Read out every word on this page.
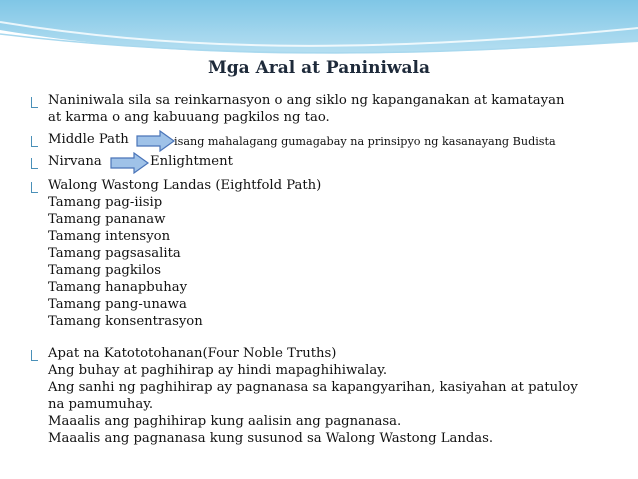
Mga Aral at Paniniwala
Naniniwala sila sa reinkarnasyon o ang siklo ng kapanganakan at kamatayan
at karma o ang kabuuang pagkilos ng tao.
Middle Path	isang mahalagang gumagabay na prinsipyo ng kasanayang Budista
Nirvana	Enlightment
Walong Wastong Landas (Eightfold Path)
Tamang pag-iisip
Tamang pananaw
Tamang intensyon
Tamang pagsasalita
Tamang pagkilos
Tamang hanapbuhay
Tamang pang-unawa
Tamang konsentrasyon
Apat na Katototohanan(Four Noble Truths)
Ang buhay at paghihirap ay hindi mapaghihiwalay.
Ang sanhi ng paghihirap ay pagnanasa sa kapangyarihan, kasiyahan at patuloy
na pamumuhay.
Maaalis ang paghihirap kung aalisin ang pagnanasa.
Maaalis ang pagnanasa kung susunod sa Walong Wastong Landas.
